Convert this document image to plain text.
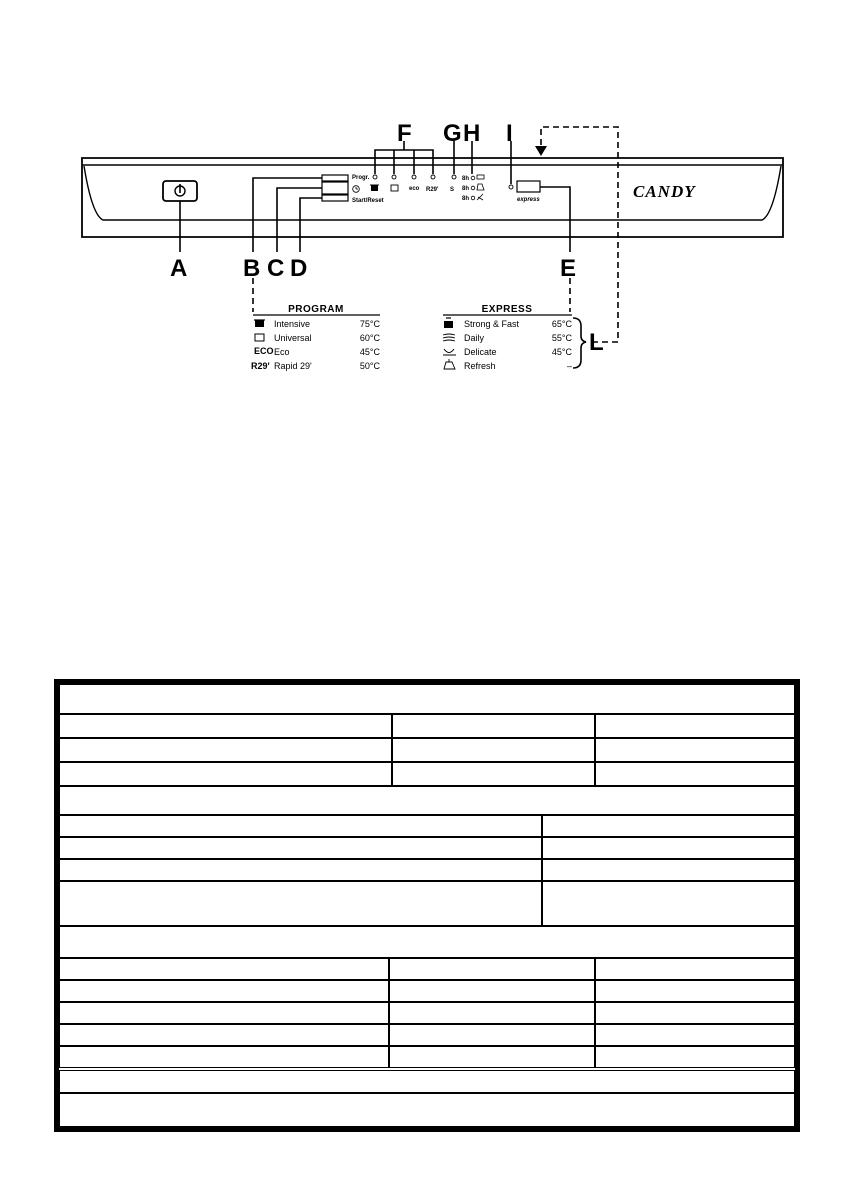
Progr.
Start/Reset
eco R29' S
8h
8h
8h	express	CANDY
A B C D	E
F G H I
L
PROGRAM
Intensive	75°C
Universal	60°C
ECO Eco	45°C
R29' Rapid 29'	50°C
EXPRESS
Strong & Fast	65°C
Daily	55°C
Delicate	45°C
Refresh	–
